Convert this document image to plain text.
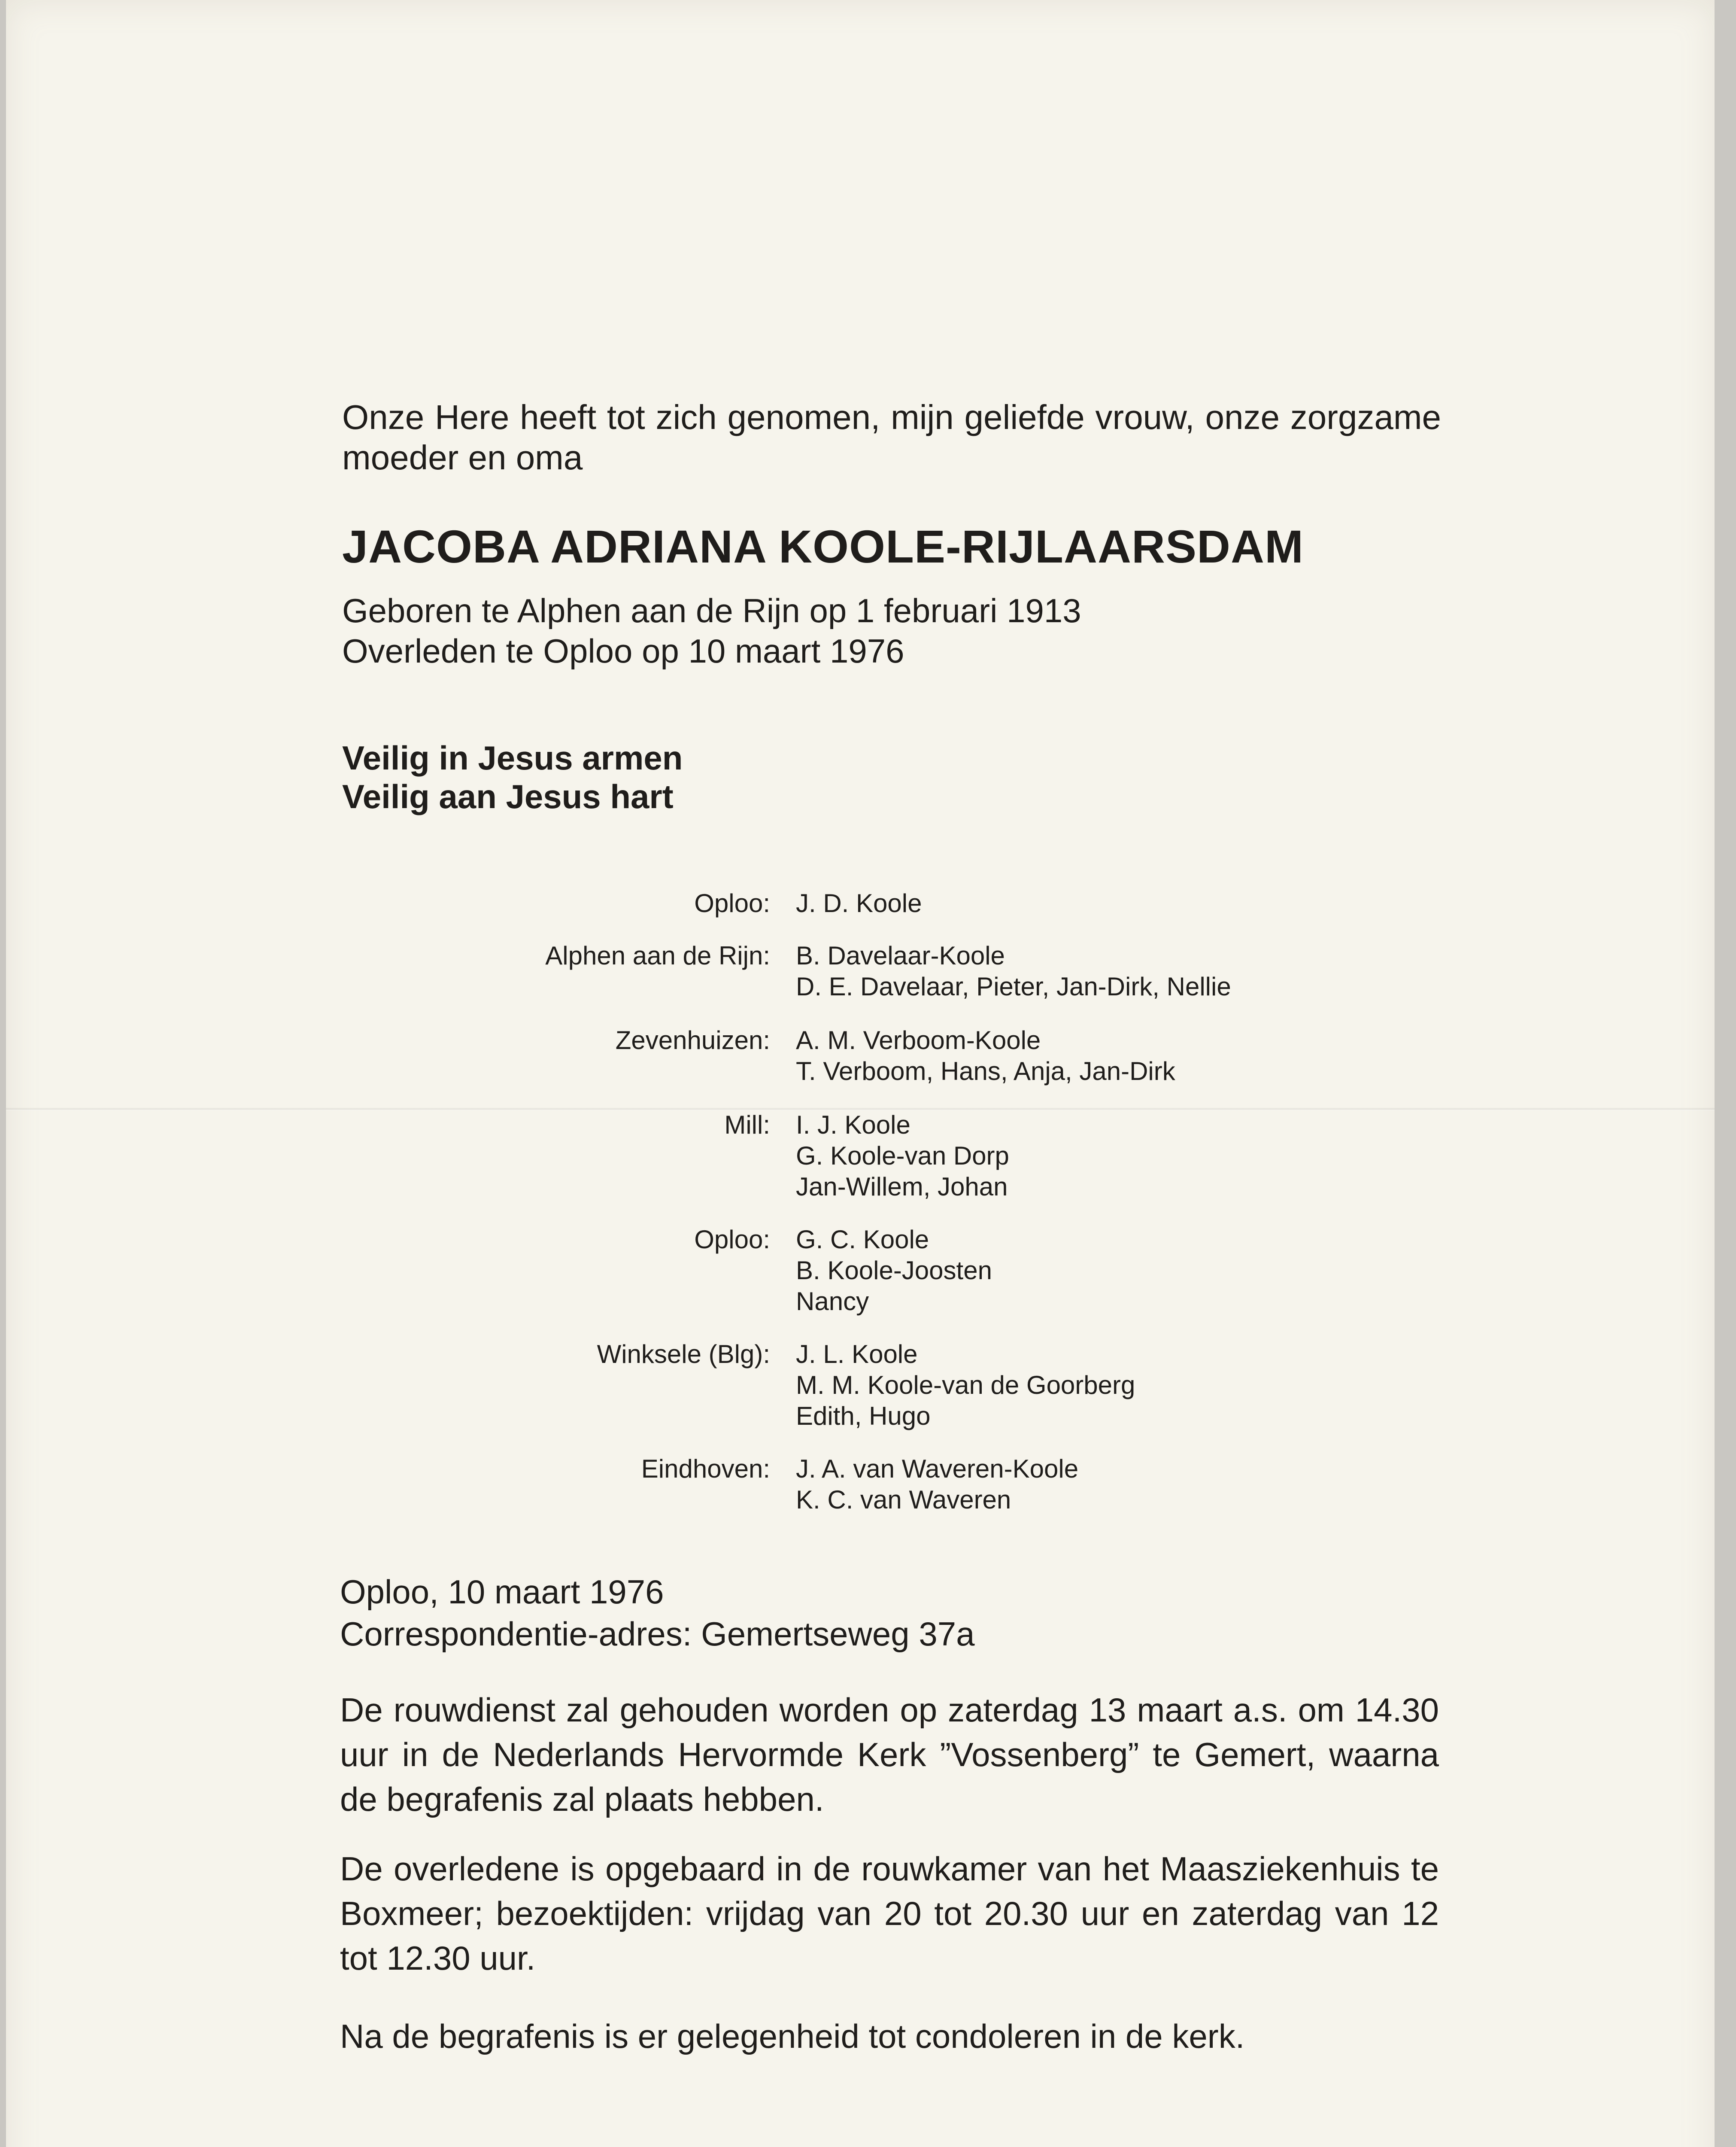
Onze Here heeft tot zich genomen, mijn geliefde vrouw, onze zorgzame moeder en oma
JACOBA ADRIANA KOOLE-RIJLAARSDAM
Geboren te Alphen aan de Rijn op 1 februari 1913
Overleden te Oploo op 10 maart 1976
Veilig in Jesus armen
Veilig aan Jesus hart
Oploo: J. D. Koole
Alphen aan de Rijn: B. Davelaar-Koole
D. E. Davelaar, Pieter, Jan-Dirk, Nellie
Zevenhuizen: A. M. Verboom-Koole
T. Verboom, Hans, Anja, Jan-Dirk
Mill: I. J. Koole
G. Koole-van Dorp
Jan-Willem, Johan
Oploo: G. C. Koole
B. Koole-Joosten
Nancy
Winksele (Blg): J. L. Koole
M. M. Koole-van de Goorberg
Edith, Hugo
Eindhoven: J. A. van Waveren-Koole
K. C. van Waveren
Oploo, 10 maart 1976
Correspondentie-adres: Gemertseweg 37a
De rouwdienst zal gehouden worden op zaterdag 13 maart a.s. om 14.30 uur in de Nederlands Hervormde Kerk ”Vossenberg” te Gemert, waarna de begrafenis zal plaats hebben.
De overledene is opgebaard in de rouwkamer van het Maasziekenhuis te Boxmeer; bezoektijden: vrijdag van 20 tot 20.30 uur en zaterdag van 12 tot 12.30 uur.
Na de begrafenis is er gelegenheid tot condoleren in de kerk.
